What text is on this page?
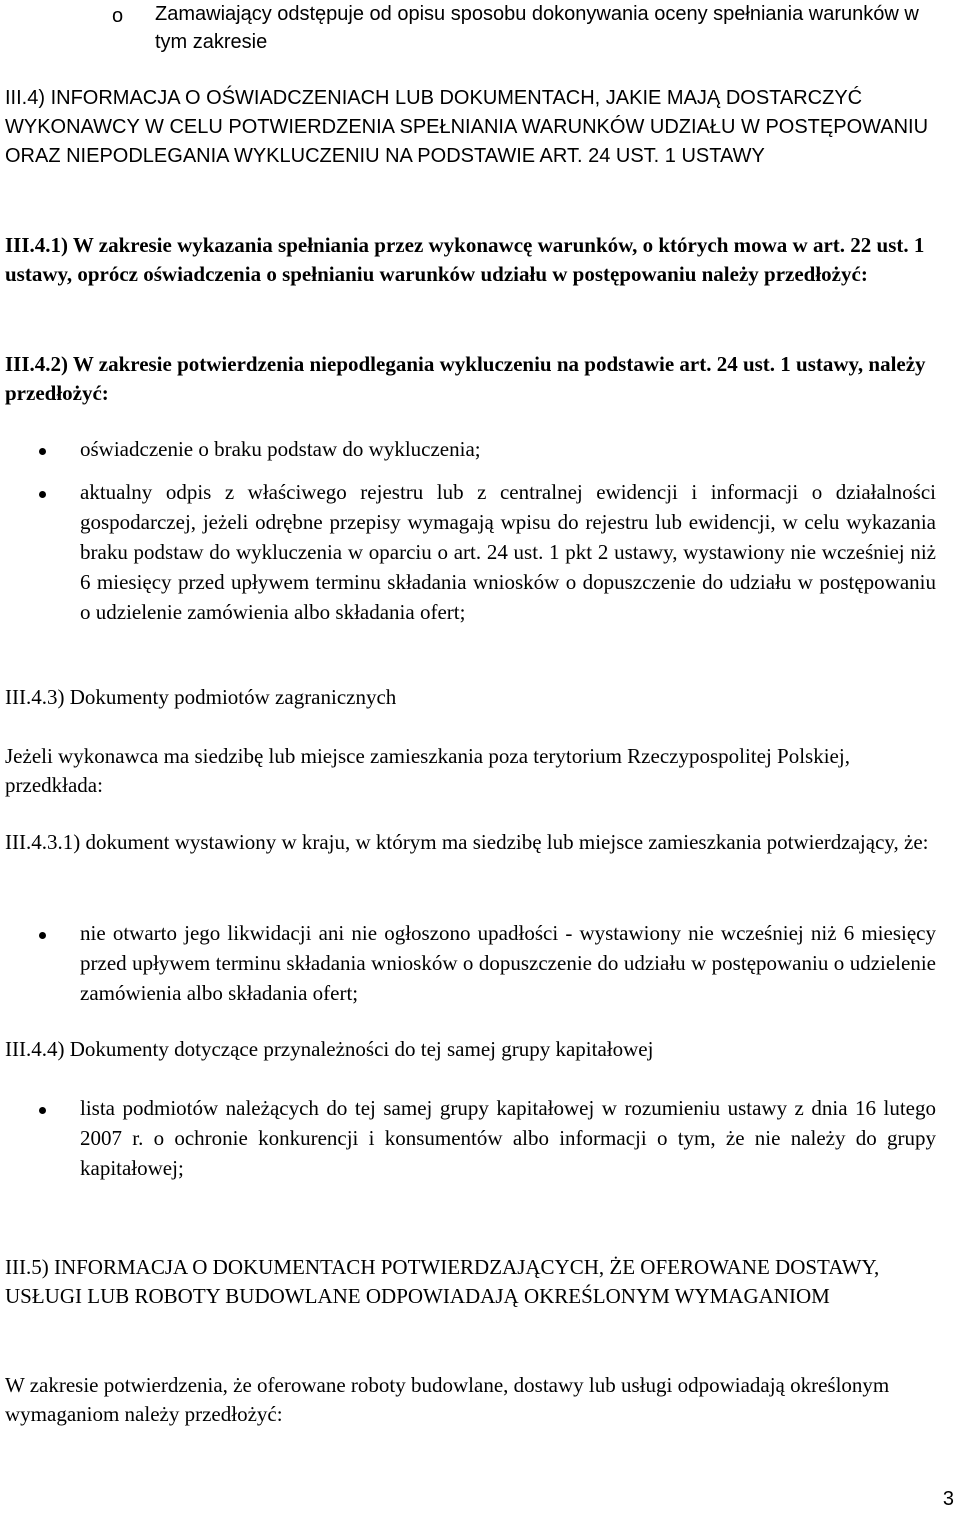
o Zamawiający odstępuje od opisu sposobu dokonywania oceny spełniania warunków w tym zakresie

III.4) INFORMACJA O OŚWIADCZENIACH LUB DOKUMENTACH, JAKIE MAJĄ DOSTARCZYĆ WYKONAWCY W CELU POTWIERDZENIA SPEŁNIANIA WARUNKÓW UDZIAŁU W POSTĘPOWANIU ORAZ NIEPODLEGANIA WYKLUCZENIU NA PODSTAWIE ART. 24 UST. 1 USTAWY

III.4.1) W zakresie wykazania spełniania przez wykonawcę warunków, o których mowa w art. 22 ust. 1 ustawy, oprócz oświadczenia o spełnianiu warunków udziału w postępowaniu należy przedłożyć:

III.4.2) W zakresie potwierdzenia niepodlegania wykluczeniu na podstawie art. 24 ust. 1 ustawy, należy przedłożyć:

oświadczenie o braku podstaw do wykluczenia;

aktualny odpis z właściwego rejestru lub z centralnej ewidencji i informacji o działalności gospodarczej, jeżeli odrębne przepisy wymagają wpisu do rejestru lub ewidencji, w celu wykazania braku podstaw do wykluczenia w oparciu o art. 24 ust. 1 pkt 2 ustawy, wystawiony nie wcześniej niż 6 miesięcy przed upływem terminu składania wniosków o dopuszczenie do udziału w postępowaniu o udzielenie zamówienia albo składania ofert;

III.4.3) Dokumenty podmiotów zagranicznych

Jeżeli wykonawca ma siedzibę lub miejsce zamieszkania poza terytorium Rzeczypospolitej Polskiej, przedkłada:

III.4.3.1) dokument wystawiony w kraju, w którym ma siedzibę lub miejsce zamieszkania potwierdzający, że:

nie otwarto jego likwidacji ani nie ogłoszono upadłości - wystawiony nie wcześniej niż 6 miesięcy przed upływem terminu składania wniosków o dopuszczenie do udziału w postępowaniu o udzielenie zamówienia albo składania ofert;

III.4.4) Dokumenty dotyczące przynależności do tej samej grupy kapitałowej

lista podmiotów należących do tej samej grupy kapitałowej w rozumieniu ustawy z dnia 16 lutego 2007 r. o ochronie konkurencji i konsumentów albo informacji o tym, że nie należy do grupy kapitałowej;

III.5) INFORMACJA O DOKUMENTACH POTWIERDZAJĄCYCH, ŻE OFEROWANE DOSTAWY, USŁUGI LUB ROBOTY BUDOWLANE ODPOWIADAJĄ OKREŚLONYM WYMAGANIOM

W zakresie potwierdzenia, że oferowane roboty budowlane, dostawy lub usługi odpowiadają określonym wymaganiom należy przedłożyć:

3
